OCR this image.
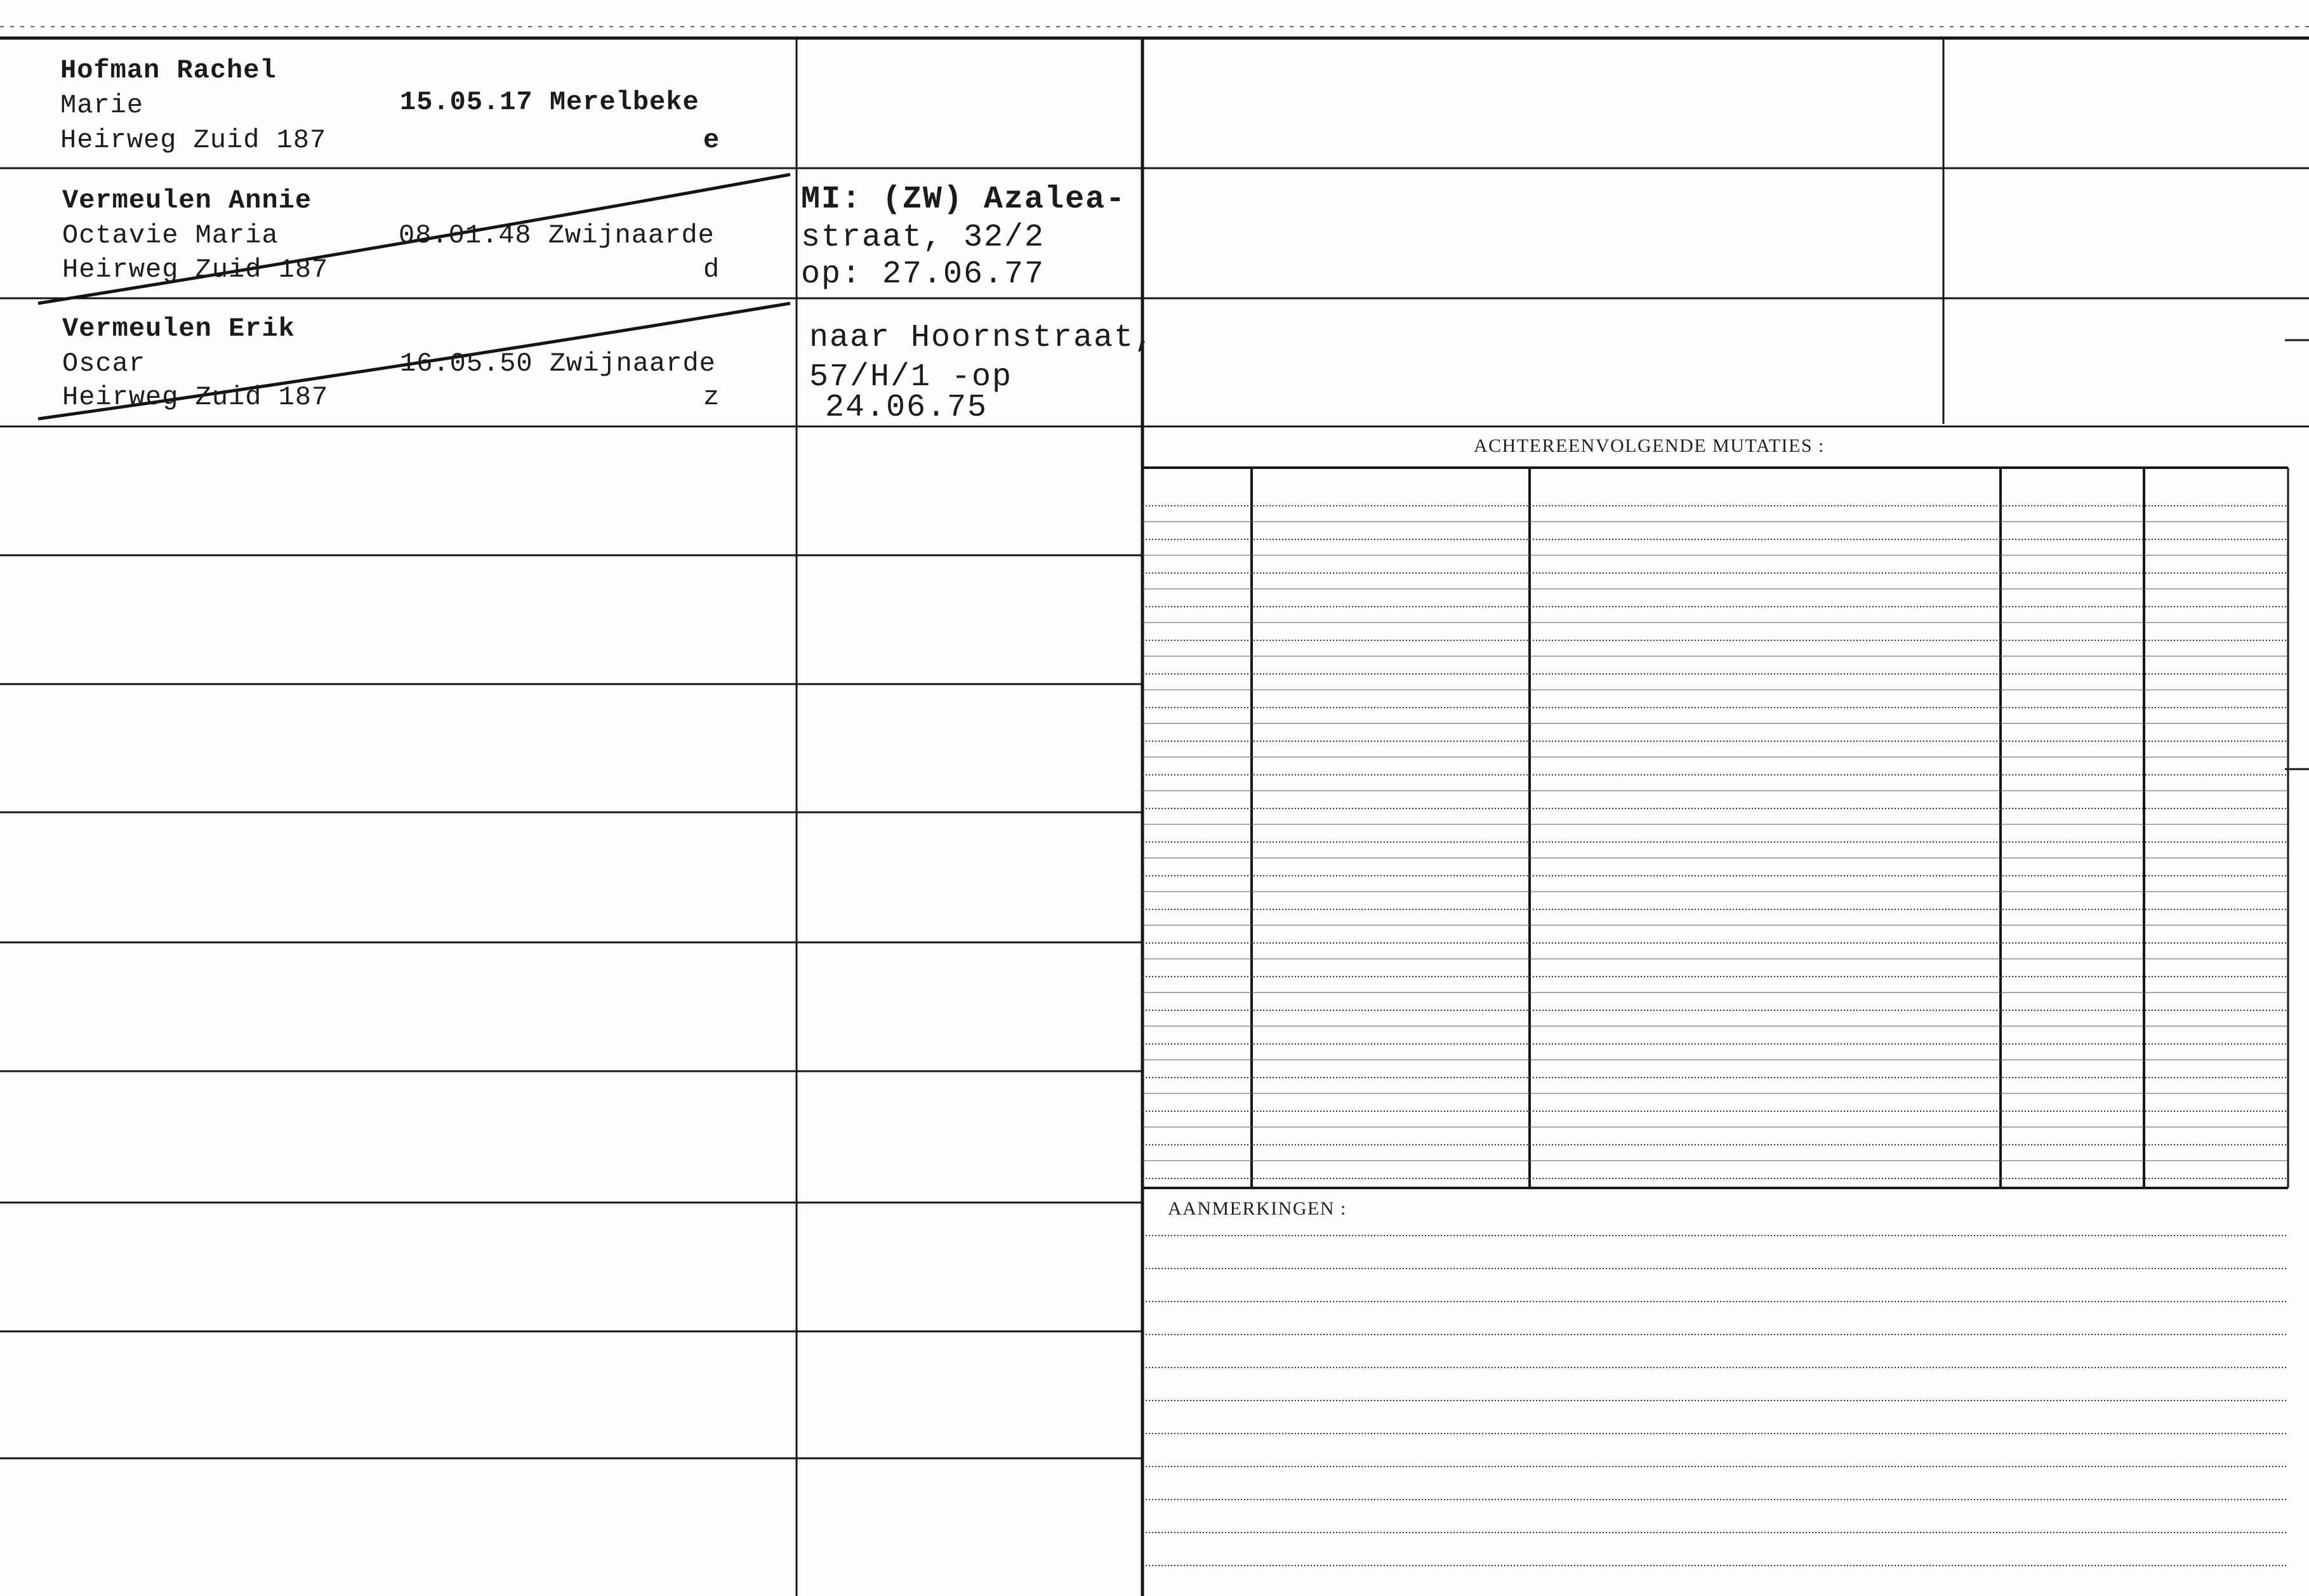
Hofman Rachel
Marie
Heirweg Zuid 187
15.05.17 Merelbeke
e
Vermeulen Annie
Octavie Maria
Heirweg Zuid 187
08.01.48 Zwijnaarde
d
MI: (ZW) Azalea-
straat, 32/2
op: 27.06.77
Vermeulen Erik
Oscar
Heirweg Zuid 187
16.05.50 Zwijnaarde
z
naar Hoornstraat,
57/H/1 -op
24.06.75
ACHTEREENVOLGENDE MUTATIES :
AANMERKINGEN :
